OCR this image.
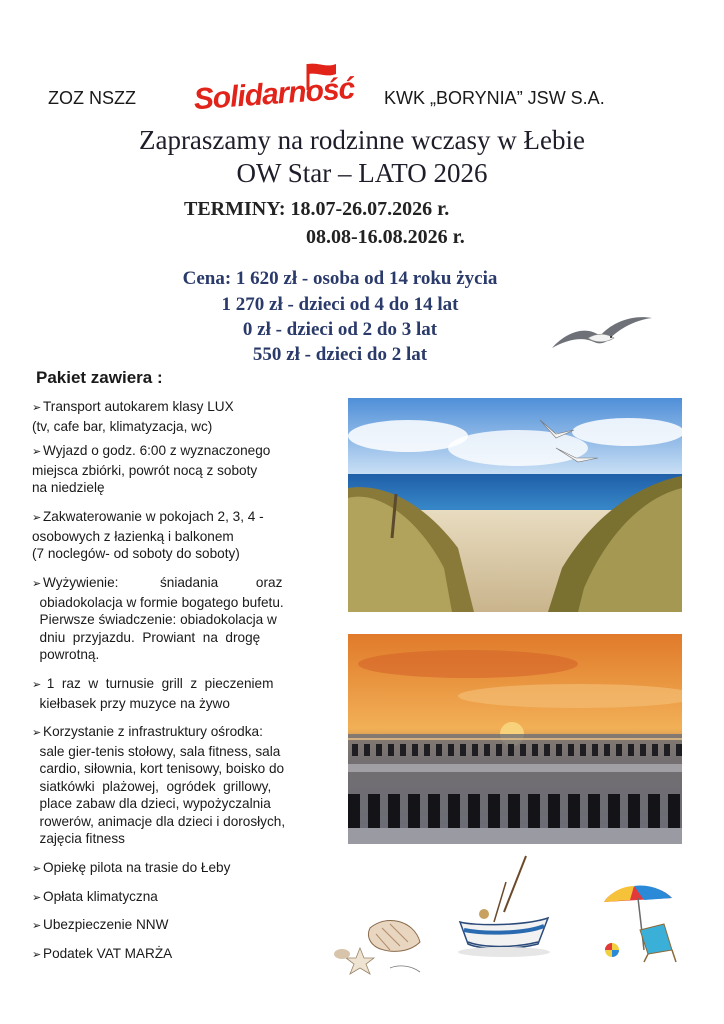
ZOZ NSZZ Solidarność KWK „BORYNIA” JSW S.A.
Zapraszamy na rodzinne wczasy w Łebie
OW Star – LATO 2026
TERMINY: 18.07-26.07.2026 r.
08.08-16.08.2026 r.
Cena: 1 620 zł - osoba od 14 roku życia
1 270 zł - dzieci od 4 do 14 lat
0 zł - dzieci od 2 do 3 lat
550 zł - dzieci do 2 lat
Pakiet zawiera :
➢ Transport autokarem klasy LUX
(tv, cafe bar, klimatyzacja, wc)
➢ Wyjazd o godz. 6:00 z wyznaczonego
miejsca zbiórki, powrót nocą z soboty
na niedzielę
➢ Zakwaterowanie w pokojach 2, 3, 4 -
osobowych z łazienką i balkonem
(7 noclegów- od soboty do soboty)
➢ Wyżywienie:           śniadania          oraz
obiadokolacja w formie bogatego bufetu.
Pierwsze świadczenie: obiadokolacja w
dniu  przyjazdu.  Prowiant  na  drogę
powrotną.
➢ 1  raz  w  turnusie  grill  z  pieczeniem
kiełbasek przy muzyce na żywo
➢ Korzystanie z infrastruktury ośrodka:
sale gier-tenis stołowy, sala fitness, sala
cardio, siłownia, kort tenisowy, boisko do
siatkówki  plażowej,  ogródek  grillowy,
place zabaw dla dzieci, wypożyczalnia
rowerów, animacje dla dzieci i dorosłych,
zajęcia fitness
➢ Opiekę pilota na trasie do Łeby
➢ Opłata klimatyczna
➢ Ubezpieczenie NNW
➢ Podatek VAT MARŻA
